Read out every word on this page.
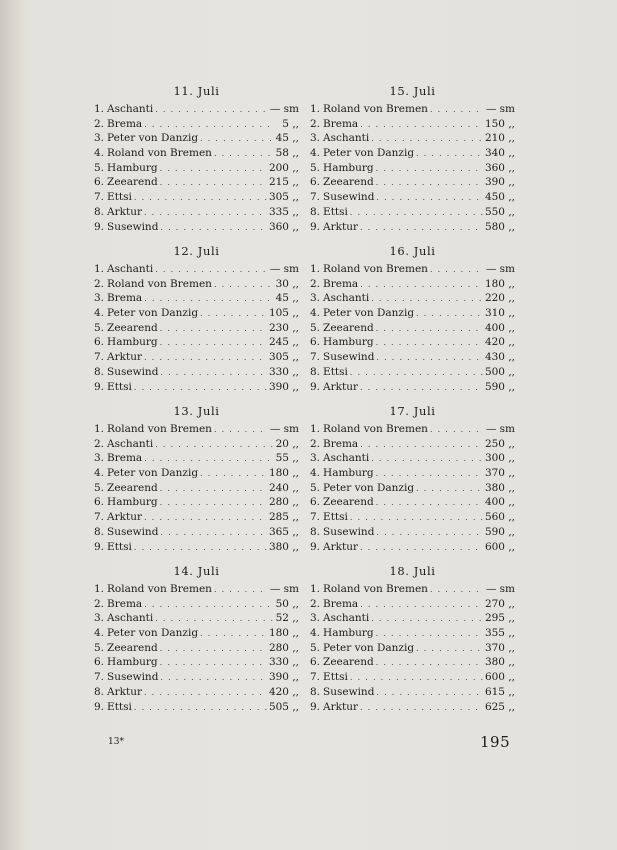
11. Juli
1. Aschanti . . .	— sm
2. Brema . . .	5 ,,
3. Peter von Danzig . . .	45 ,,
4. Roland von Bremen . . .	58 ,,
5. Hamburg . . .	200 ,,
6. Zeearend . . .	215 ,,
7. Ettsi . . .	305 ,,
8. Arktur . . .	335 ,,
9. Susewind . . .	360 ,,
12. Juli
1. Aschanti . . .	— sm
2. Roland von Bremen . . .	30 ,,
3. Brema . . .	45 ,,
4. Peter von Danzig . . .	105 ,,
5. Zeearend . . .	230 ,,
6. Hamburg . . .	245 ,,
7. Arktur . . .	305 ,,
8. Susewind . . .	330 ,,
9. Ettsi . . .	390 ,,
13. Juli
1. Roland von Bremen . . .	— sm
2. Aschanti . . .	20 ,,
3. Brema . . .	55 ,,
4. Peter von Danzig . . .	180 ,,
5. Zeearend . . .	240 ,,
6. Hamburg . . .	280 ,,
7. Arktur . . .	285 ,,
8. Susewind . . .	365 ,,
9. Ettsi . . .	380 ,,
14. Juli
1. Roland von Bremen . . .	— sm
2. Brema . . .	50 ,,
3. Aschanti . . .	52 ,,
4. Peter von Danzig . . .	180 ,,
5. Zeearend . . .	280 ,,
6. Hamburg . . .	330 ,,
7. Susewind . . .	390 ,,
8. Arktur . . .	420 ,,
9. Ettsi . . .	505 ,,
15. Juli
1. Roland von Bremen . . .	— sm
2. Brema . . .	150 ,,
3. Aschanti . . .	210 ,,
4. Peter von Danzig . . .	340 ,,
5. Hamburg . . .	360 ,,
6. Zeearend . . .	390 ,,
7. Susewind . . .	450 ,,
8. Ettsi . . .	550 ,,
9. Arktur . . .	580 ,,
16. Juli
1. Roland von Bremen . . .	— sm
2. Brema . . .	180 ,,
3. Aschanti . . .	220 ,,
4. Peter von Danzig . . .	310 ,,
5. Zeearend . . .	400 ,,
6. Hamburg . . .	420 ,,
7. Susewind . . .	430 ,,
8. Ettsi . . .	500 ,,
9. Arktur . . .	590 ,,
17. Juli
1. Roland von Bremen . . .	— sm
2. Brema . . .	250 ,,
3. Aschanti . . .	300 ,,
4. Hamburg . . .	370 ,,
5. Peter von Danzig . . .	380 ,,
6. Zeearend . . .	400 ,,
7. Ettsi . . .	560 ,,
8. Susewind . . .	590 ,,
9. Arktur . . .	600 ,,
18. Juli
1. Roland von Bremen . . .	— sm
2. Brema . . .	270 ,,
3. Aschanti . . .	295 ,,
4. Hamburg . . .	355 ,,
5. Peter von Danzig . . .	370 ,,
6. Zeearend . . .	380 ,,
7. Ettsi . . .	600 ,,
8. Susewind . . .	615 ,,
9. Arktur . . .	625 ,,
13*	195
